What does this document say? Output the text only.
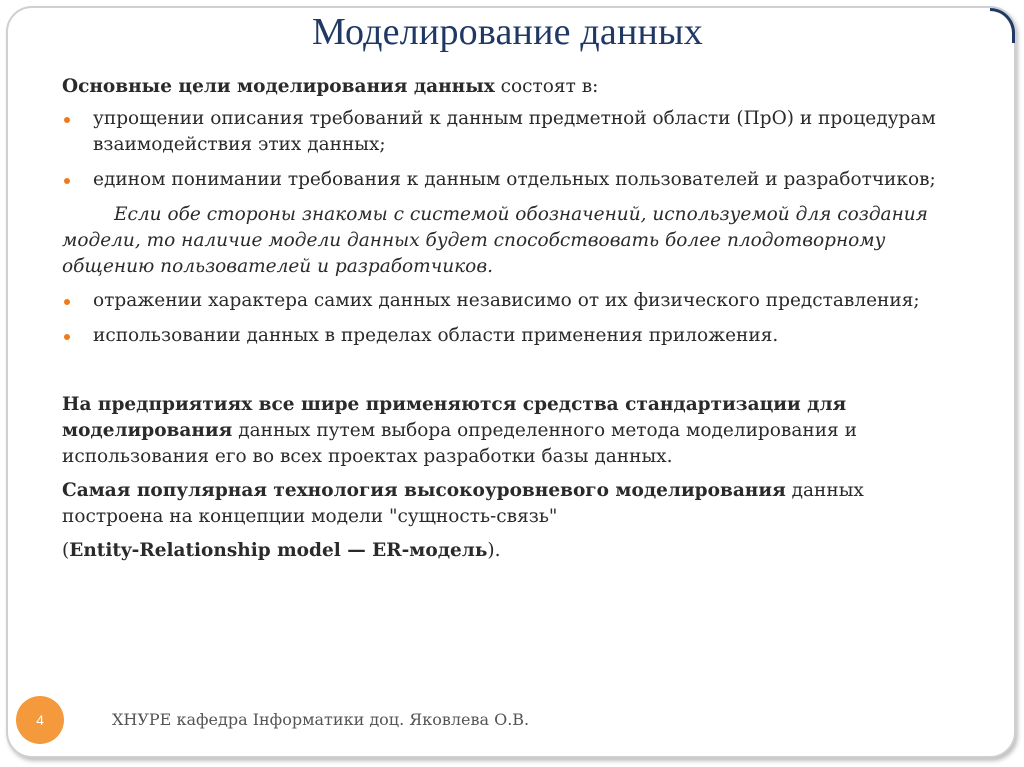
Моделирование данных

Основные цели моделирования данных состоят в:

упрощении описания требований к данным предметной области (ПрО) и процедурам взаимодействия этих данных;
едином понимании требования к данным отдельных пользователей и разработчиков;

Если обе стороны знакомы с системой обозначений, используемой для создания модели, то наличие модели данных будет способствовать более плодотворному общению пользователей и разработчиков.

отражении характера самих данных независимо от их физического представления;
использовании данных в пределах области применения приложения.

На предприятиях все шире применяются средства стандартизации для моделирования данных путем выбора определенного метода моделирования и использования его во всех проектах разработки базы данных.

Самая популярная технология высокоуровневого моделирования данных построена на концепции модели "сущность-связь"

(Entity-Relationship model — ER-модель).

4	ХНУРЕ кафедра Інформатики доц. Яковлева О.В.
